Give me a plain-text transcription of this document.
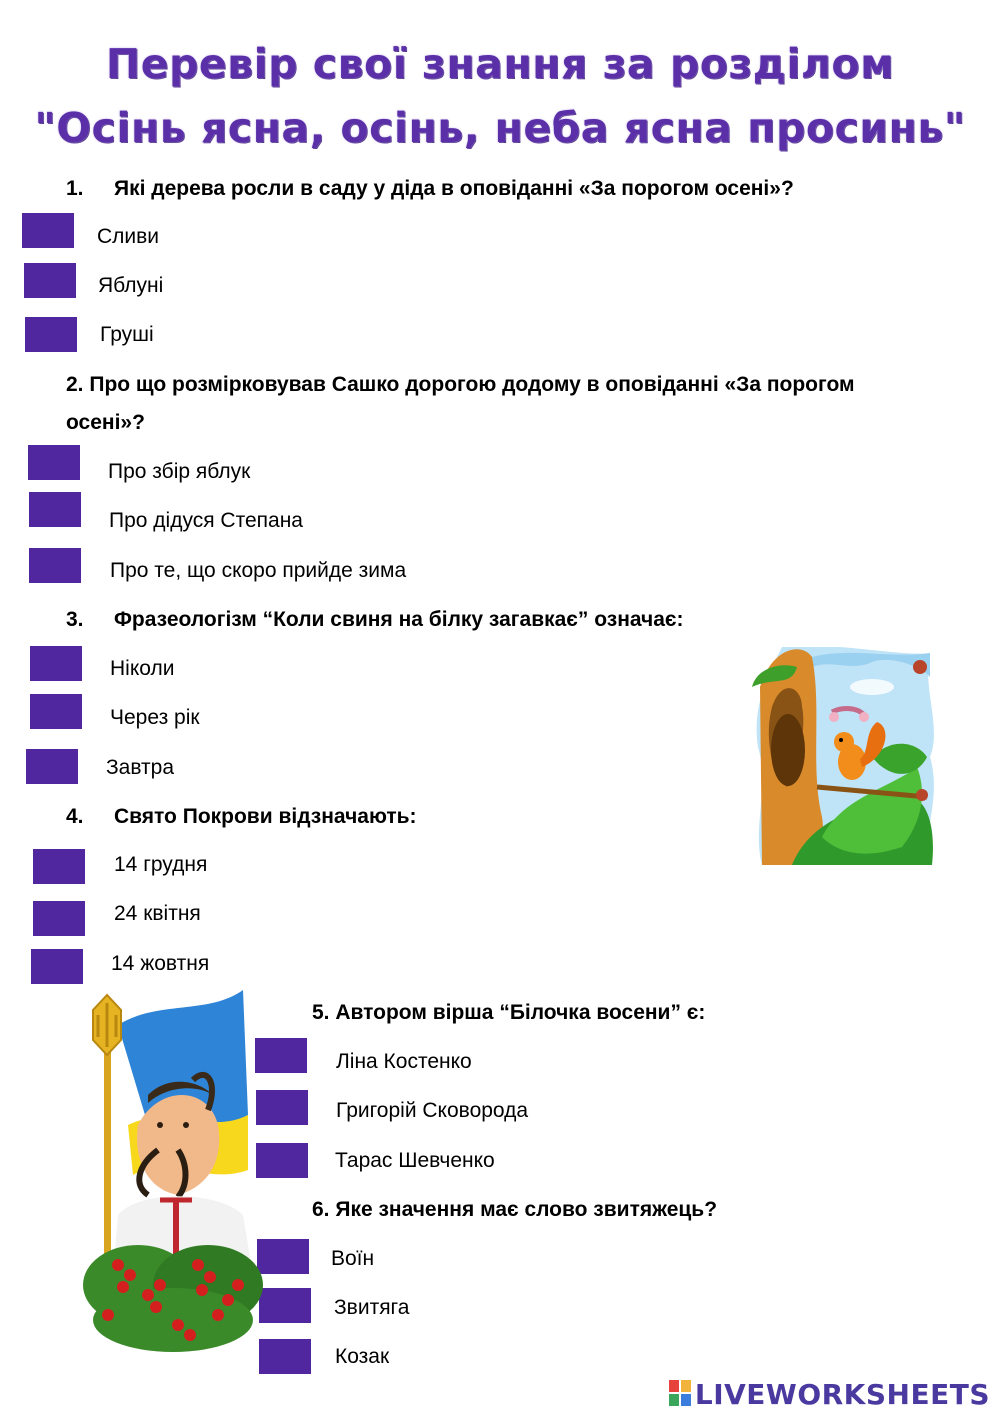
Перевір свої знання за розділом
"Осінь ясна, осінь, неба ясна просинь"
1. Які дерева росли в саду у діда в оповіданні «За порогом осені»?
Сливи
Яблуні
Груші
2. Про що розмірковував Сашко дорогою додому в оповіданні «За порогом
осені»?
Про збір яблук
Про дідуся Степана
Про те, що скоро прийде зима
3. Фразеологізм “Коли свиня на білку загавкає” означає:
Ніколи
Через рік
Завтра
4. Свято Покрови відзначають:
14 грудня
24 квітня
14 жовтня
5. Автором вірша “Білочка восени” є:
Ліна Костенко
Григорій Сковорода
Тарас Шевченко
6. Яке значення має слово звитяжець?
Воїн
Звитяга
Козак
LIVEWORKSHEETS
